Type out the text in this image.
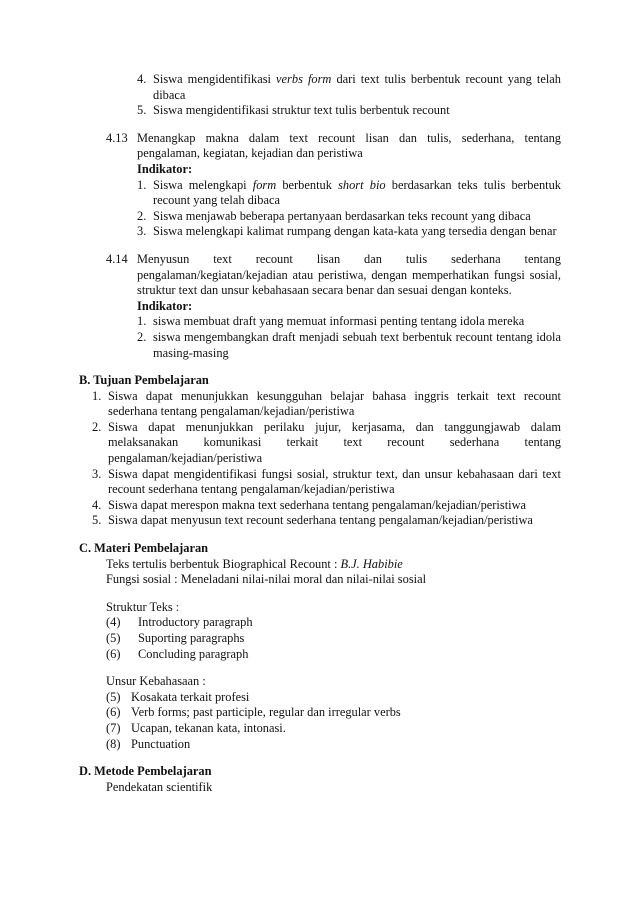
4. Siswa mengidentifikasi verbs form dari text tulis berbentuk recount yang telah dibaca
5. Siswa mengidentifikasi struktur text tulis berbentuk recount
4.13 Menangkap makna dalam text recount lisan dan tulis, sederhana, tentang pengalaman, kegiatan, kejadian dan peristiwa

Indikator:

1. Siswa melengkapi form berbentuk short bio berdasarkan teks tulis berbentuk recount yang telah dibaca
2. Siswa menjawab beberapa pertanyaan berdasarkan teks recount yang dibaca
3. Siswa melengkapi kalimat rumpang dengan kata-kata yang tersedia dengan benar
4.14 Menyusun text recount lisan dan tulis sederhana tentang pengalaman/kegiatan/kejadian atau peristiwa, dengan memperhatikan fungsi sosial, struktur text dan unsur kebahasaan secara benar dan sesuai dengan konteks.

Indikator:

1. siswa membuat draft yang memuat informasi penting tentang idola mereka
2. siswa mengembangkan draft menjadi sebuah text berbentuk recount tentang idola masing-masing

B. Tujuan Pembelajaran

1. Siswa dapat menunjukkan kesungguhan belajar bahasa inggris terkait text recount sederhana tentang pengalaman/kejadian/peristiwa
2. Siswa dapat menunjukkan perilaku jujur, kerjasama, dan tanggungjawab dalam melaksanakan komunikasi terkait text recount sederhana tentang pengalaman/kejadian/peristiwa
3. Siswa dapat mengidentifikasi fungsi sosial, struktur text, dan unsur kebahasaan dari text recount sederhana tentang pengalaman/kejadian/peristiwa
4. Siswa dapat merespon makna text sederhana tentang pengalaman/kejadian/peristiwa
5. Siswa dapat menyusun text recount sederhana tentang pengalaman/kejadian/peristiwa

C. Materi Pembelajaran

Teks tertulis berbentuk Biographical Recount : B.J. Habibie

Fungsi sosial : Meneladani nilai-nilai moral dan nilai-nilai sosial

Struktur Teks :

(4) Introductory paragraph
(5) Suporting paragraphs
(6) Concluding paragraph

Unsur Kebahasaan :

(5) Kosakata terkait profesi
(6) Verb forms; past participle, regular dan irregular verbs
(7) Ucapan, tekanan kata, intonasi.
(8) Punctuation

D. Metode Pembelajaran

Pendekatan scientifik
